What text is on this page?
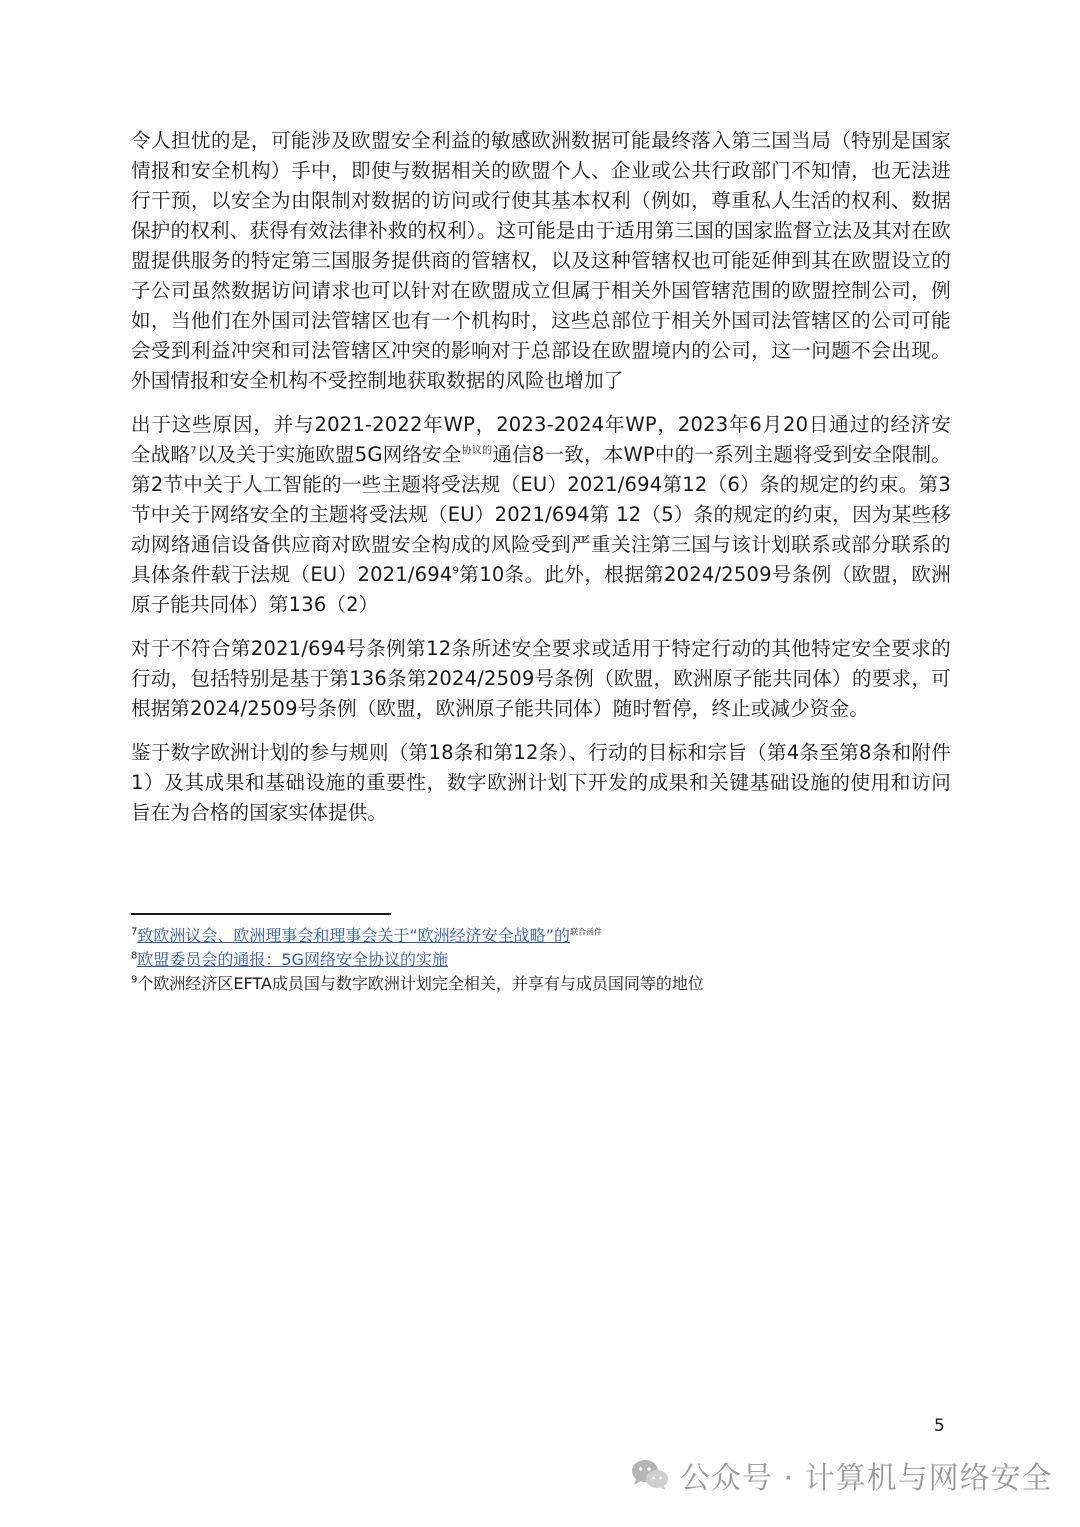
令人担忧的是，可能涉及欧盟安全利益的敏感欧洲数据可能最终落入第三国当局（特别是国家情报和安全机构）手中，即使与数据相关的欧盟个人、企业或公共行政部门不知情，也无法进行干预，以安全为由限制对数据的访问或行使其基本权利（例如，尊重私人生活的权利、数据保护的权利、获得有效法律补救的权利）。这可能是由于适用第三国的国家监督立法及其对在欧盟提供服务的特定第三国服务提供商的管辖权，以及这种管辖权也可能延伸到其在欧盟设立的子公司虽然数据访问请求也可以针对在欧盟成立但属于相关外国管辖范围的欧盟控制公司，例如，当他们在外国司法管辖区也有一个机构时，这些总部位于相关外国司法管辖区的公司可能会受到利益冲突和司法管辖区冲突的影响对于总部设在欧盟境内的公司，这一问题不会出现。外国情报和安全机构不受控制地获取数据的风险也增加了

出于这些原因，并与2021-2022年WP，2023-2024年WP，2023年6月20日通过的经济安全战略$^7$以及关于实施欧盟5G网络安全$^{协议的}$通信8一致，本WP中的一系列主题将受到安全限制。第2节中关于人工智能的一些主题将受法规（EU）2021/694第12（6）条的规定的约束。第3节中关于网络安全的主题将受法规（EU）2021/694第 12（5）条的规定的约束，因为某些移动网络通信设备供应商对欧盟安全构成的风险受到严重关注第三国与该计划联系或部分联系的具体条件载于法规$(EU)2021/694^9$第10条。此外，根据第2024/2509号条例（欧盟，欧洲原子能共同体）第136（2）

对于不符合第2021/694号条例第12条所述安全要求或适用于特定行动的其他特定安全要求的行动，包括特别是基于第136条第2024/2509号条例（欧盟，欧洲原子能共同体）的要求，可根据第2024/2509号条例（欧盟，欧洲原子能共同体）随时暂停，终止或减少资金。

鉴于数字欧洲计划的参与规则（第18条和第12条）、行动的目标和宗旨（第4条至第8条和附件1）及其成果和基础设施的重要性，数字欧洲计划下开发的成果和关键基础设施的使用和访问旨在为合格的国家实体提供。

$^7$致欧洲议会、欧洲理事会和理事会关于“欧洲经济安全战略”的$^{联合函件}$
$^8$欧盟委员会的通报：5G网络安全协议的实施
$^9$个欧洲经济区EFTA成员国与数字欧洲计划完全相关，并享有与成员国同等的地位
5
公众号 · 计算机与网络安全
